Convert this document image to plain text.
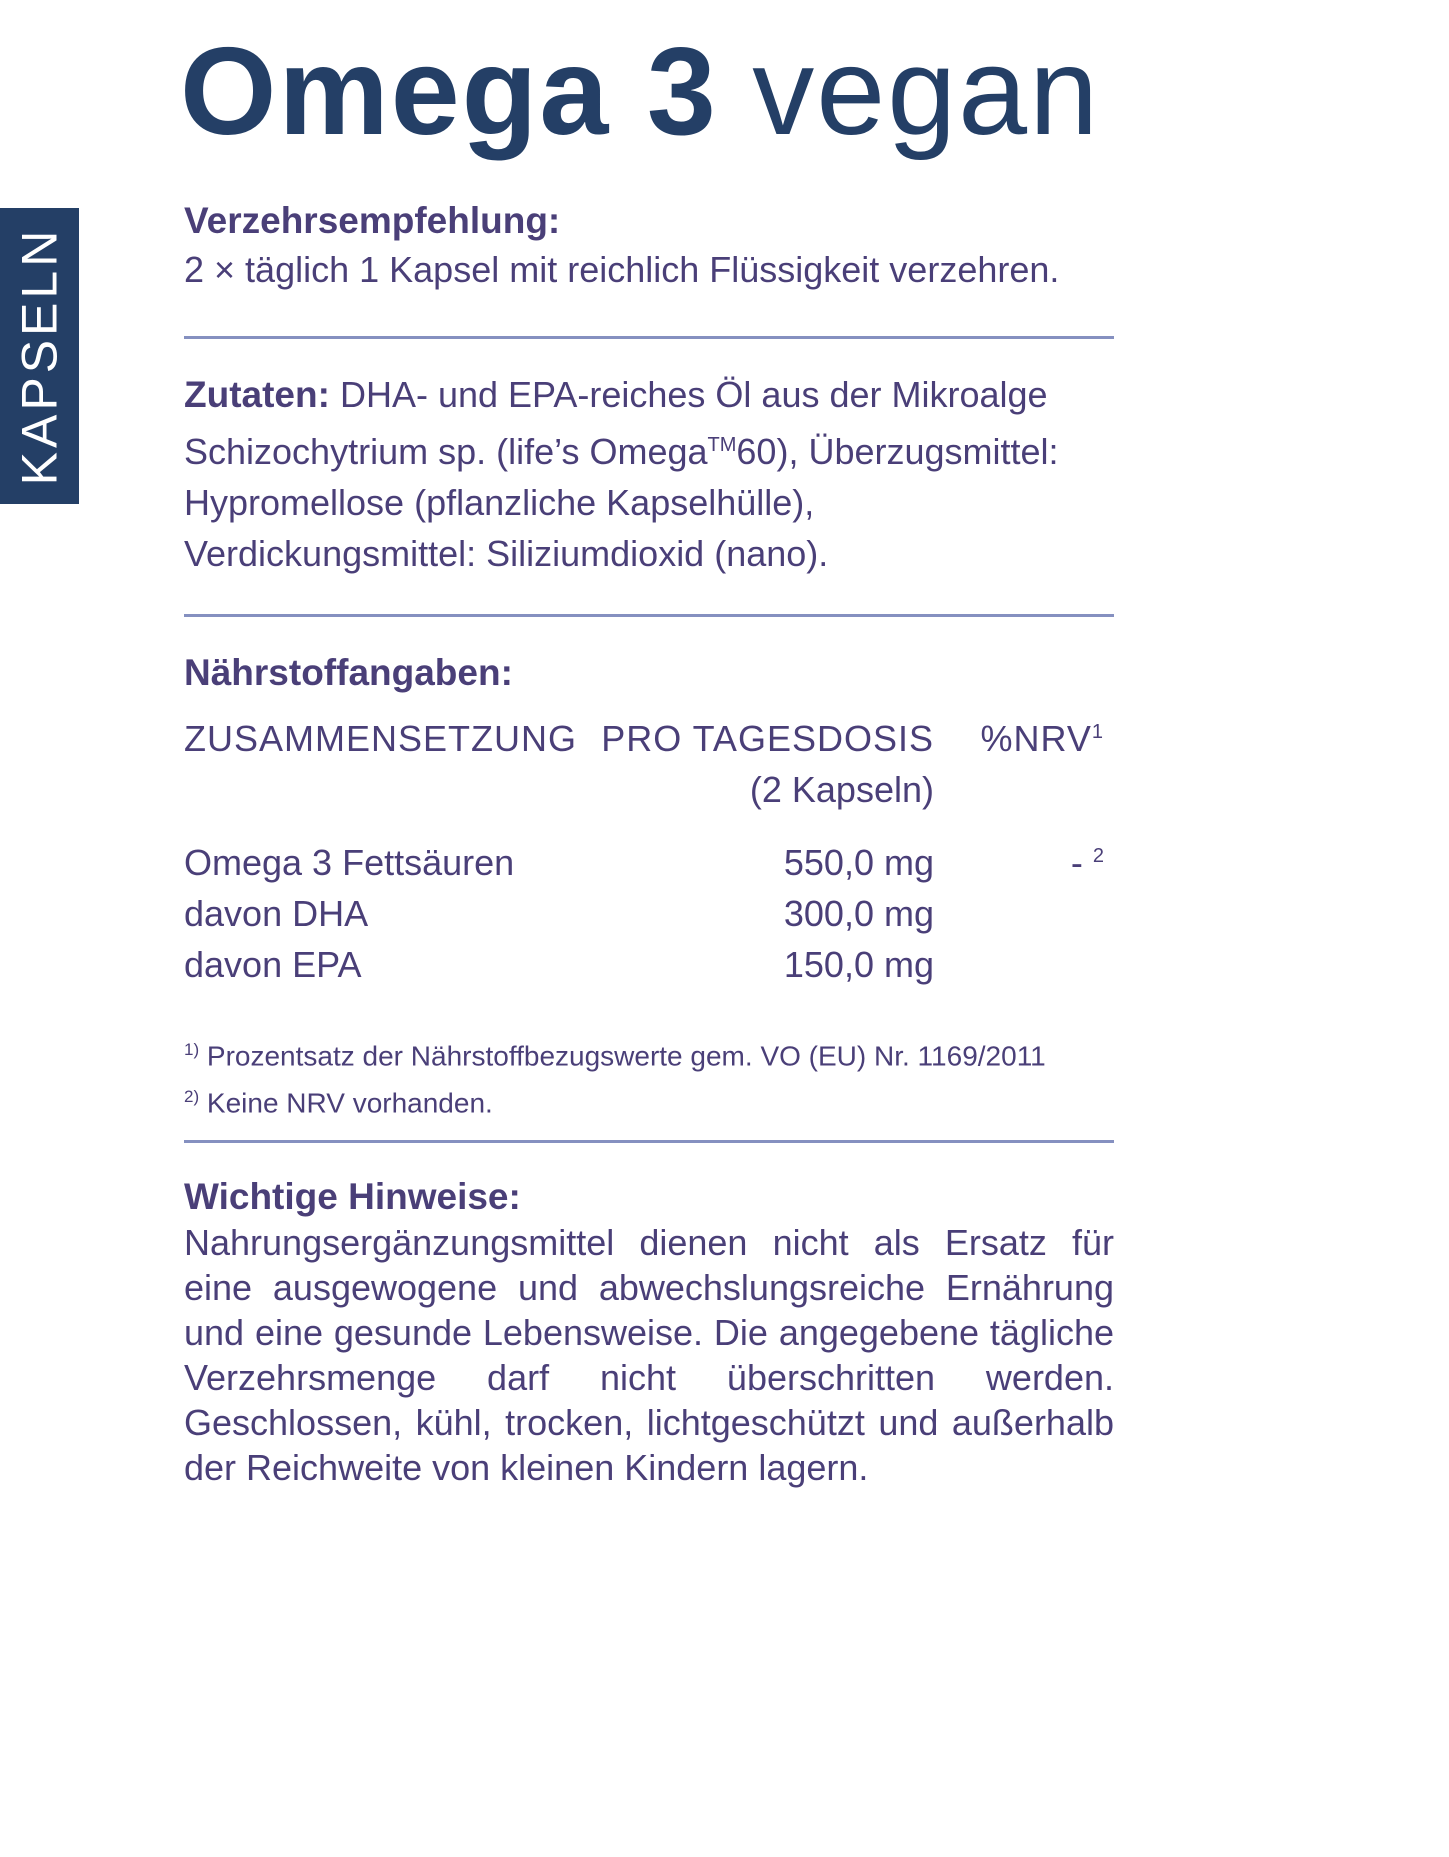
KAPSELN
Omega 3 vegan
Verzehrsempfehlung:
2 × täglich 1 Kapsel mit reichlich Flüssigkeit verzehren.
Zutaten: DHA- und EPA-reiches Öl aus der Mikroalge Schizochytrium sp. (life’s Omega™60), Überzugsmittel: Hypromellose (pflanzliche Kapselhülle), Verdickungsmittel: Siliziumdioxid (nano).
Nährstoffangaben:
ZUSAMMENSETZUNG PRO TAGESDOSIS %NRV$^1$
(2 Kapseln)
Omega 3 Fettsäuren	550,0 mg	- $^2$
davon DHA	300,0 mg
davon EPA	150,0 mg
$^{1)}$ Prozentsatz der Nährstoffbezugswerte gem. VO (EU) Nr. 1169/2011
$^{2)}$ Keine NRV vorhanden.
Wichtige Hinweise:
Nahrungsergänzungsmittel dienen nicht als Ersatz für eine ausgewogene und abwechslungsreiche Ernährung und eine gesunde Lebensweise. Die angegebene tägliche Verzehrsmenge darf nicht überschritten werden. Geschlossen, kühl, trocken, lichtgeschützt und außerhalb der Reichweite von kleinen Kindern lagern.
